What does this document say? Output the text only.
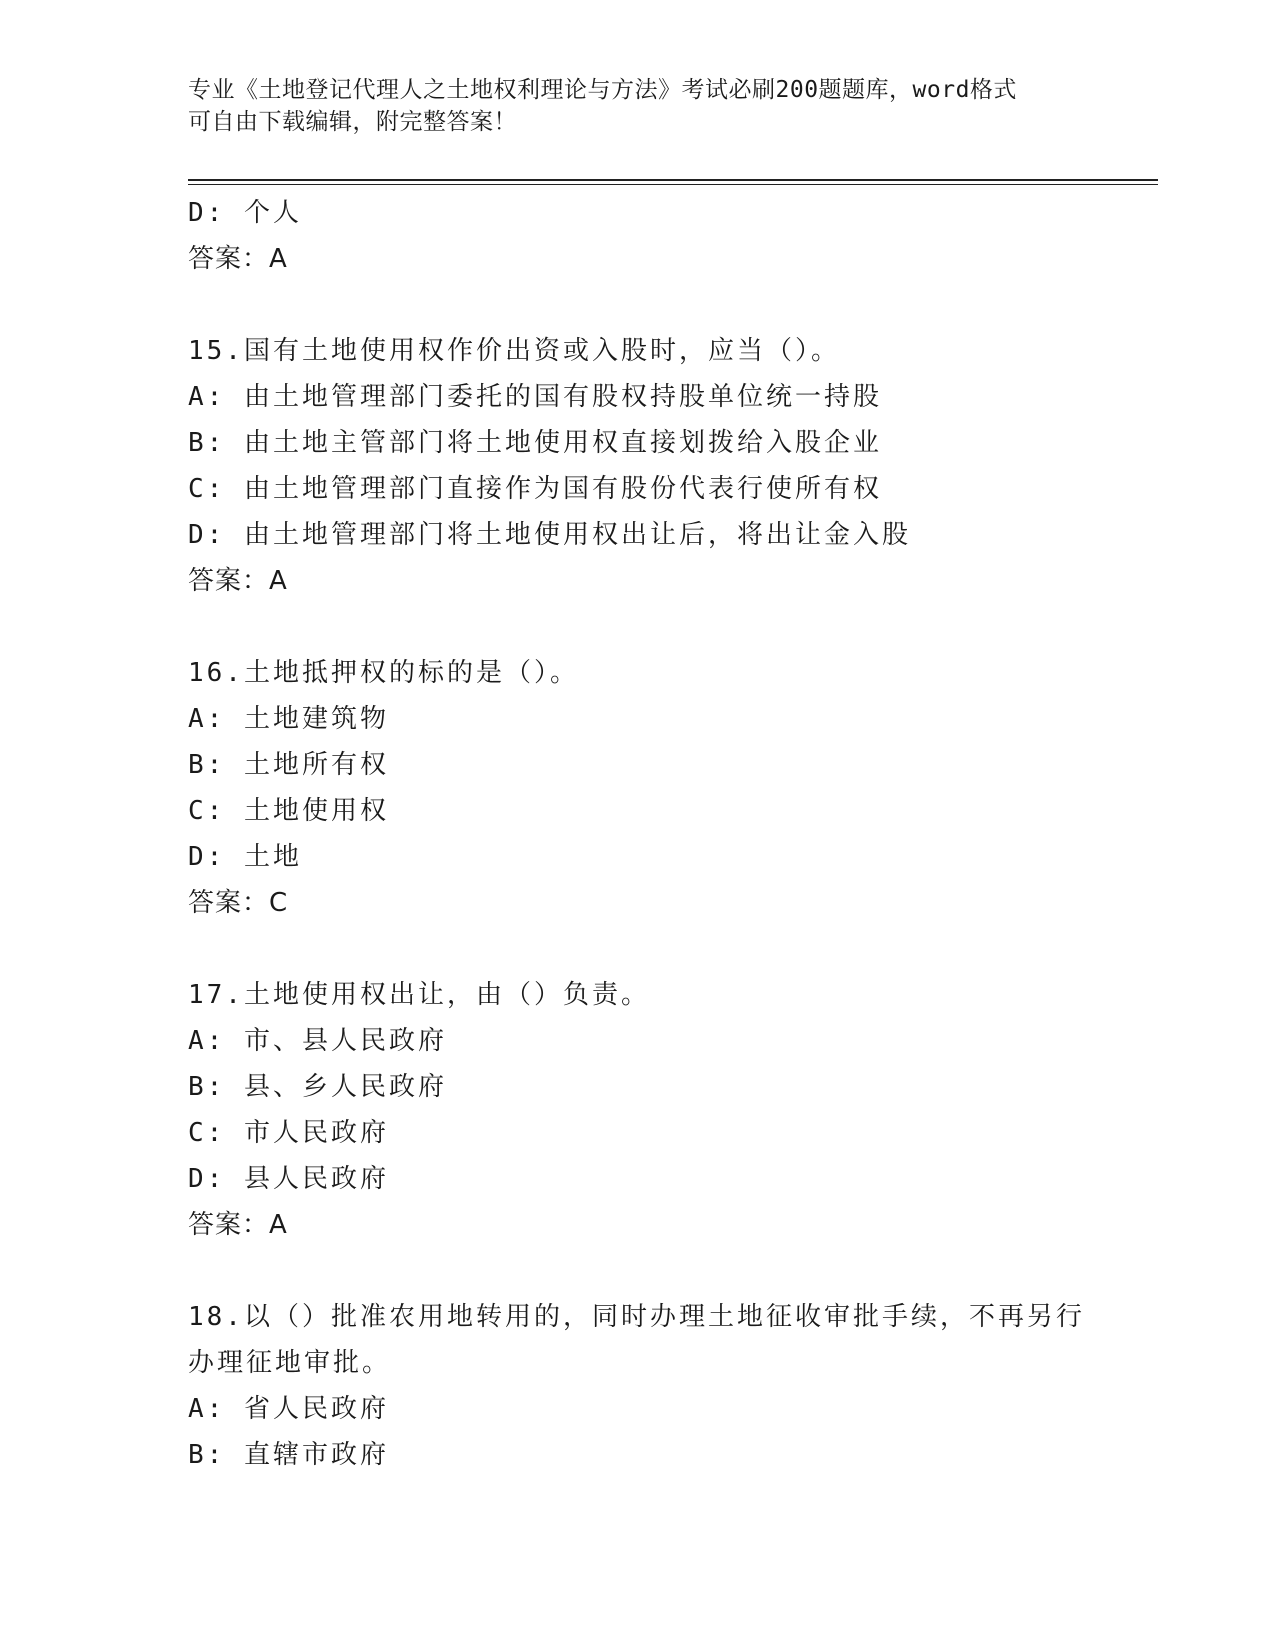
专业《土地登记代理人之土地权利理论与方法》考试必刷200题题库，word格式
可自由下载编辑，附完整答案！
D: 个人
答案：A
15.国有土地使用权作价出资或入股时，应当（）。
A: 由土地管理部门委托的国有股权持股单位统一持股
B: 由土地主管部门将土地使用权直接划拨给入股企业
C: 由土地管理部门直接作为国有股份代表行使所有权
D: 由土地管理部门将土地使用权出让后，将出让金入股
答案：A
16.土地抵押权的标的是（）。
A: 土地建筑物
B: 土地所有权
C: 土地使用权
D: 土地
答案：C
17.土地使用权出让，由（）负责。
A: 市、县人民政府
B: 县、乡人民政府
C: 市人民政府
D: 县人民政府
答案：A
18.以（）批准农用地转用的，同时办理土地征收审批手续，不再另行
办理征地审批。
A: 省人民政府
B: 直辖市政府
